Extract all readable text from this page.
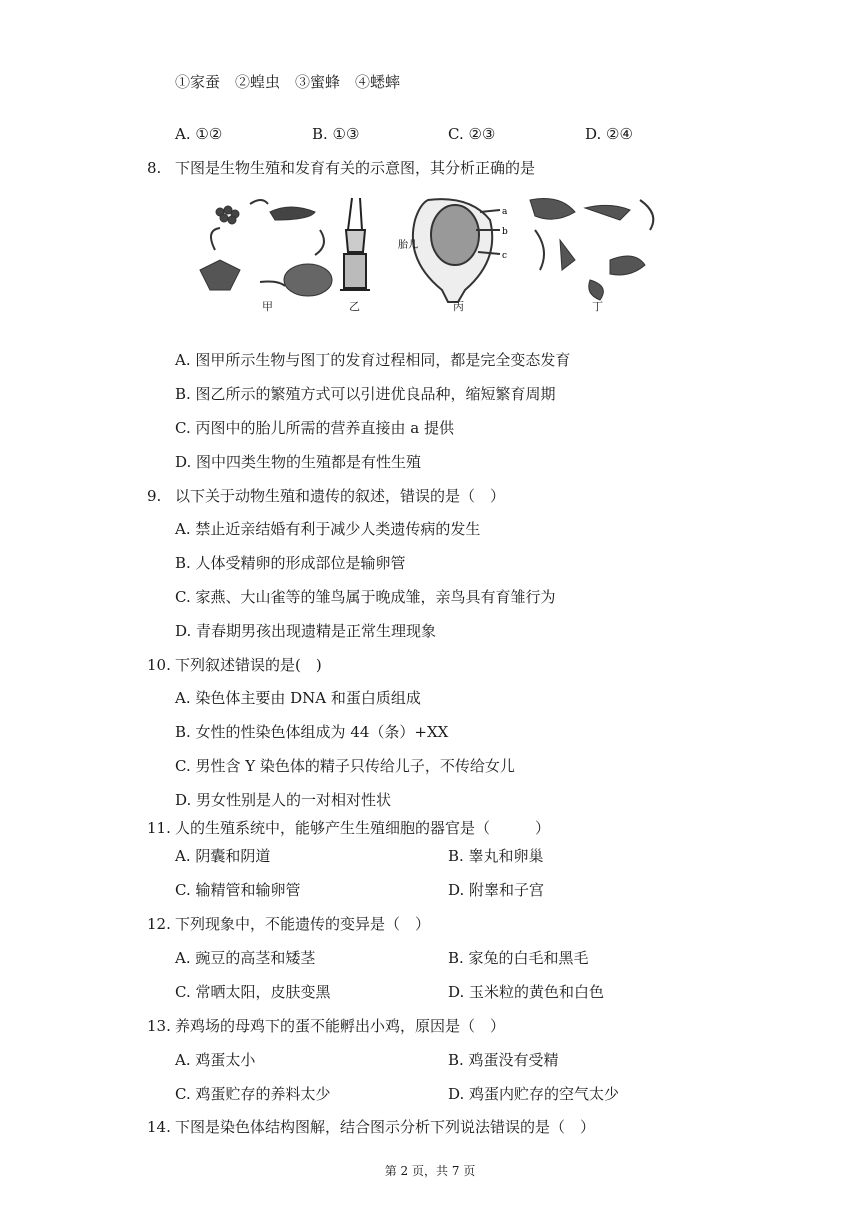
①家蚕　②蝗虫　③蜜蜂　④蟋蟀
A. ①②	B. ①③	C. ②③	D. ②④
8. 下图是生物生殖和发育有关的示意图，其分析正确的是
a
b
c
胎儿
甲	乙	丙	丁
A. 图甲所示生物与图丁的发育过程相同，都是完全变态发育
B. 图乙所示的繁殖方式可以引进优良品种，缩短繁育周期
C. 丙图中的胎儿所需的营养直接由 a 提供
D. 图中四类生物的生殖都是有性生殖
9. 以下关于动物生殖和遗传的叙述，错误的是（　）
A. 禁止近亲结婚有利于减少人类遗传病的发生
B. 人体受精卵的形成部位是输卵管
C. 家燕、大山雀等的雏鸟属于晚成雏，亲鸟具有育雏行为
D. 青春期男孩出现遗精是正常生理现象
10. 下列叙述错误的是(　)
A. 染色体主要由 DNA 和蛋白质组成
B. 女性的性染色体组成为 44（条）+XX
C. 男性含 Y 染色体的精子只传给儿子，不传给女儿
D. 男女性别是人的一对相对性状
11. 人的生殖系统中，能够产生生殖细胞的器官是（　　　）
A. 阴囊和阴道	B. 睾丸和卵巢
C. 输精管和输卵管	D. 附睾和子宫
12. 下列现象中，不能遗传的变异是（　）
A. 豌豆的高茎和矮茎	B. 家兔的白毛和黑毛
C. 常晒太阳，皮肤变黑	D. 玉米粒的黄色和白色
13. 养鸡场的母鸡下的蛋不能孵出小鸡，原因是（　）
A. 鸡蛋太小	B. 鸡蛋没有受精
C. 鸡蛋贮存的养料太少	D. 鸡蛋内贮存的空气太少
14. 下图是染色体结构图解，结合图示分析下列说法错误的是（　）
第 2 页，共 7 页
